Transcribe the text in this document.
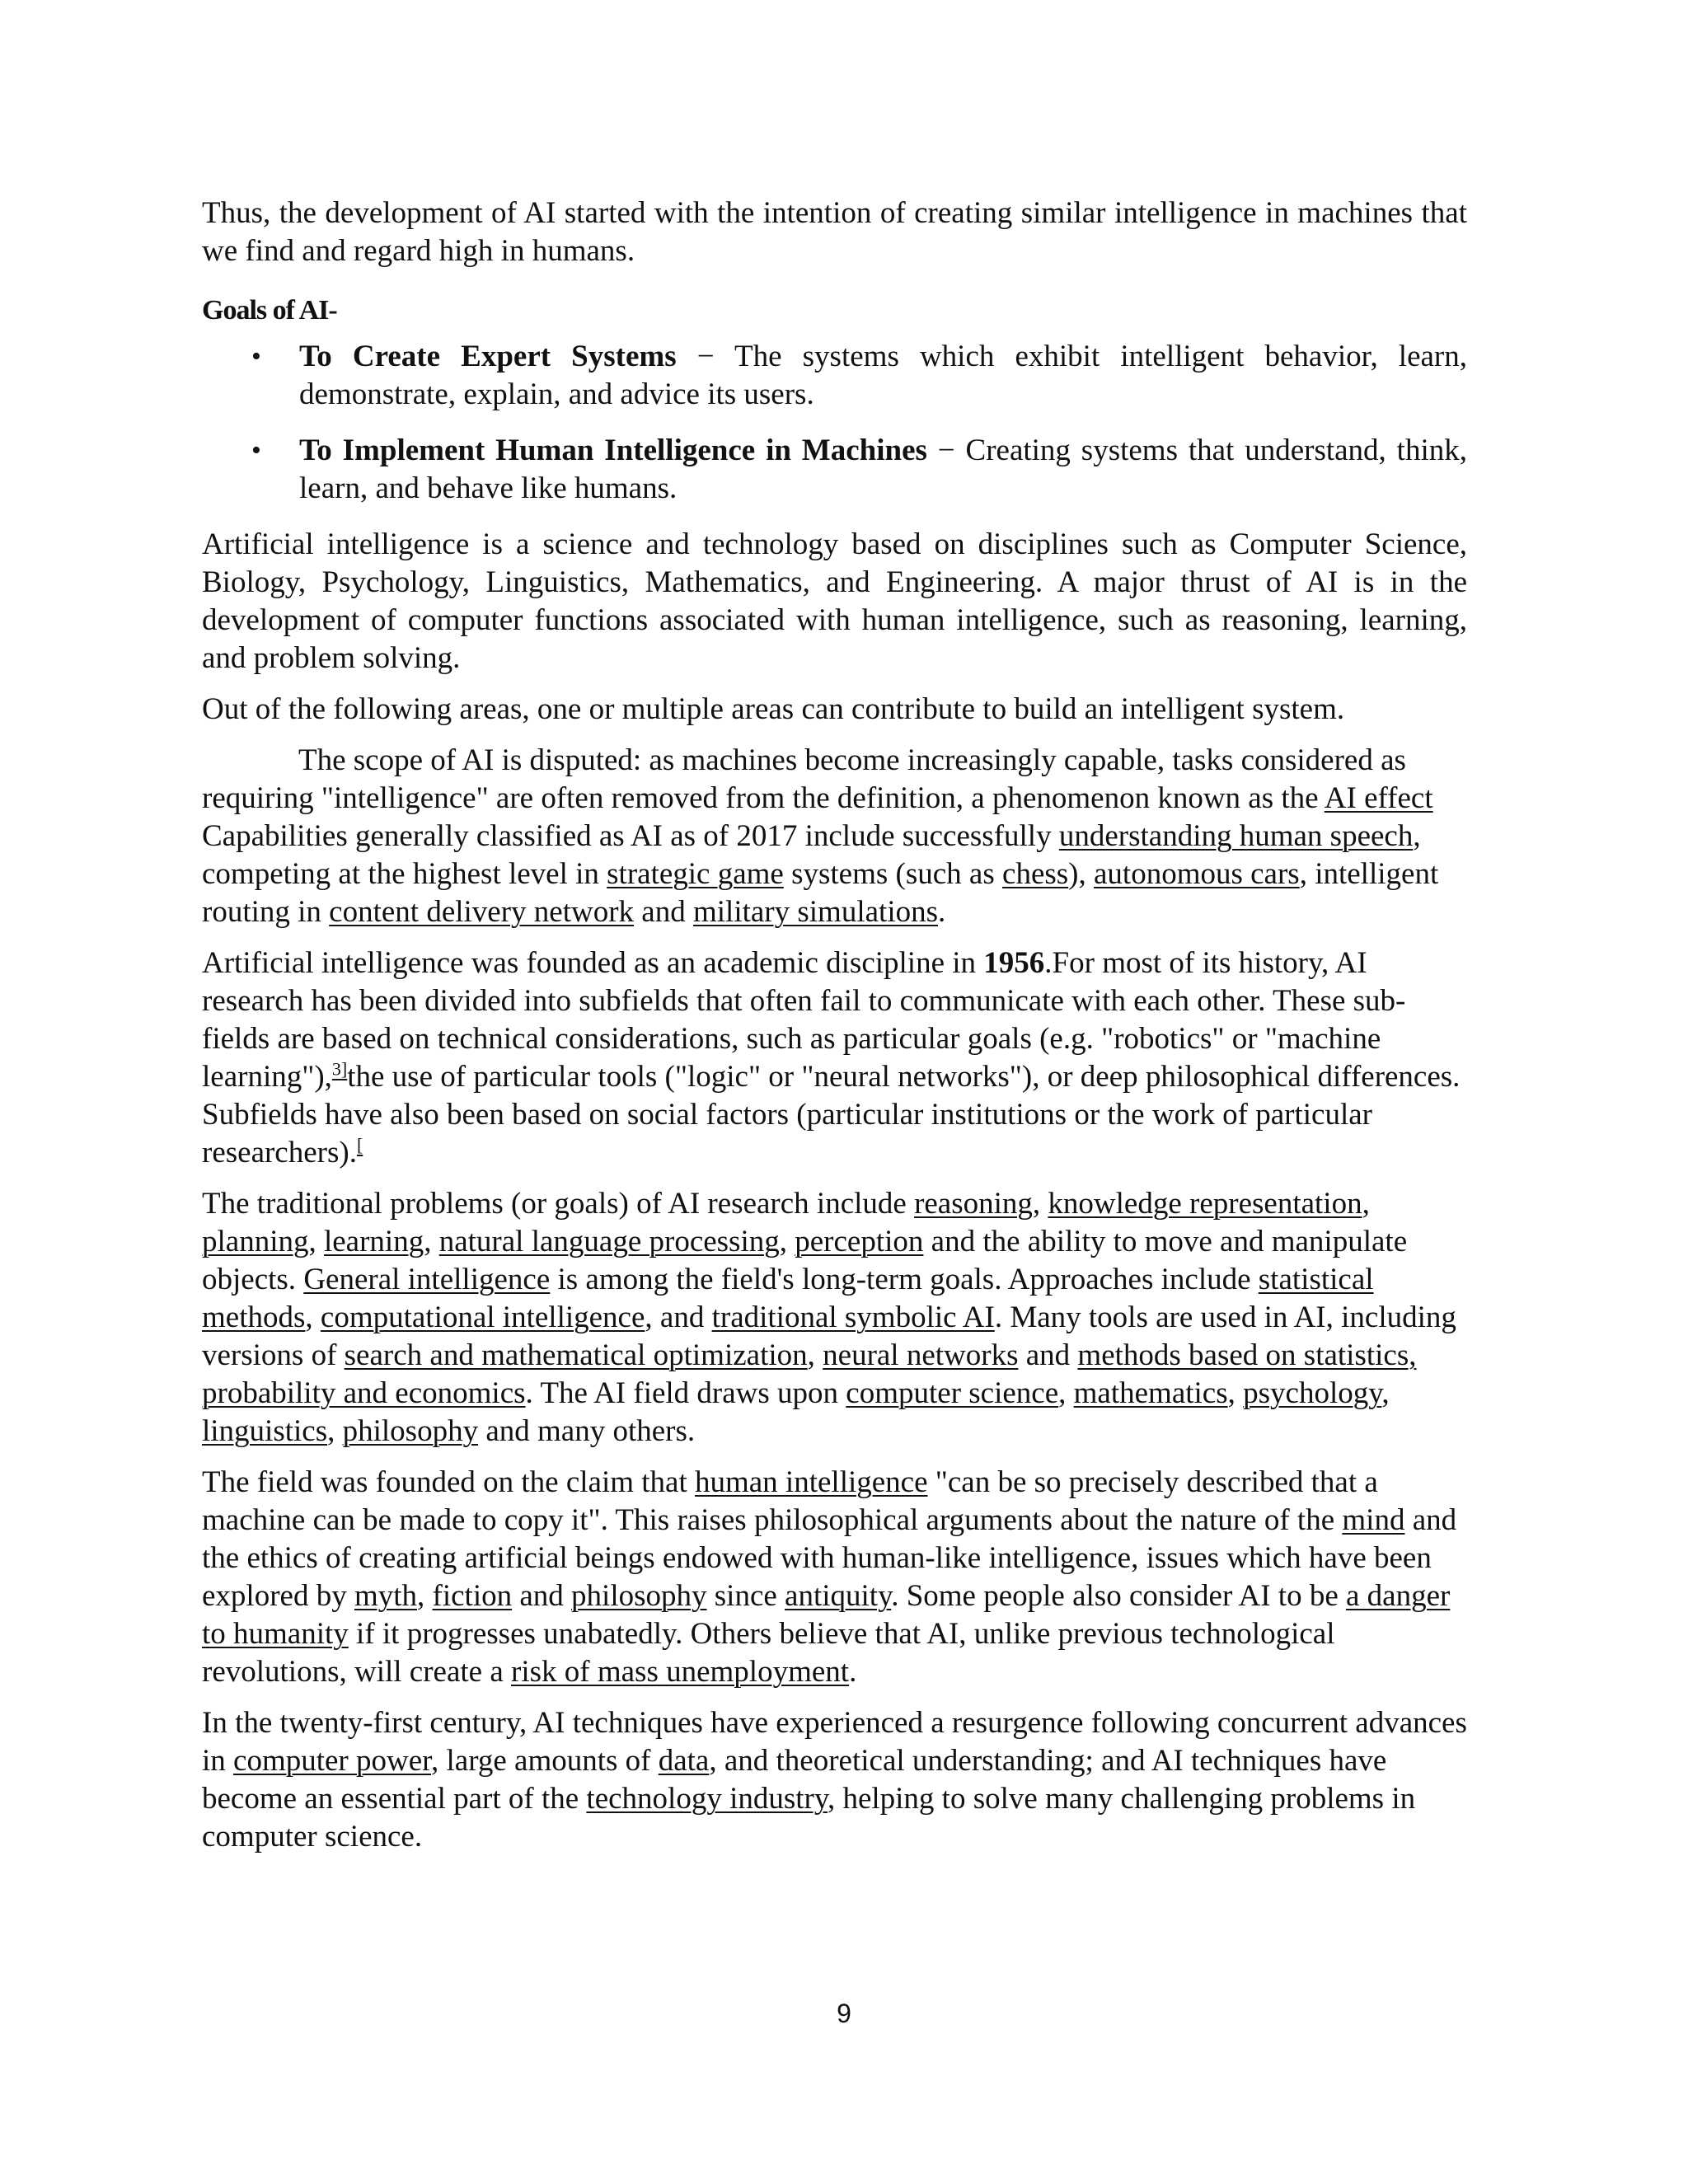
Thus, the development of AI started with the intention of creating similar intelligence in machines that we find and regard high in humans.

Goals of AI-

• To Create Expert Systems − The systems which exhibit intelligent behavior, learn, demonstrate, explain, and advice its users.
• To Implement Human Intelligence in Machines − Creating systems that understand, think, learn, and behave like humans.

Artificial intelligence is a science and technology based on disciplines such as Computer Science, Biology, Psychology, Linguistics, Mathematics, and Engineering. A major thrust of AI is in the development of computer functions associated with human intelligence, such as reasoning, learning, and problem solving.

Out of the following areas, one or multiple areas can contribute to build an intelligent system.

The scope of AI is disputed: as machines become increasingly capable, tasks considered as requiring "intelligence" are often removed from the definition, a phenomenon known as the AI effect Capabilities generally classified as AI as of 2017 include successfully understanding human speech, competing at the highest level in strategic game systems (such as chess), autonomous cars, intelligent routing in content delivery network and military simulations.

Artificial intelligence was founded as an academic discipline in 1956.For most of its history, AI research has been divided into subfields that often fail to communicate with each other. These sub-fields are based on technical considerations, such as particular goals (e.g. "robotics" or "machine learning"),$^{3]}$the use of particular tools ("logic" or "neural networks"), or deep philosophical differences. Subfields have also been based on social factors (particular institutions or the work of particular researchers).[

The traditional problems (or goals) of AI research include reasoning, knowledge representation, planning, learning, natural language processing, perception and the ability to move and manipulate objects. General intelligence is among the field's long-term goals. Approaches include statistical methods, computational intelligence, and traditional symbolic AI. Many tools are used in AI, including versions of search and mathematical optimization, neural networks and methods based on statistics, probability and economics. The AI field draws upon computer science, mathematics, psychology, linguistics, philosophy and many others.

The field was founded on the claim that human intelligence "can be so precisely described that a machine can be made to copy it". This raises philosophical arguments about the nature of the mind and the ethics of creating artificial beings endowed with human-like intelligence, issues which have been explored by myth, fiction and philosophy since antiquity. Some people also consider AI to be a danger to humanity if it progresses unabatedly. Others believe that AI, unlike previous technological revolutions, will create a risk of mass unemployment.

In the twenty-first century, AI techniques have experienced a resurgence following concurrent advances in computer power, large amounts of data, and theoretical understanding; and AI techniques have become an essential part of the technology industry, helping to solve many challenging problems in computer science.

9
